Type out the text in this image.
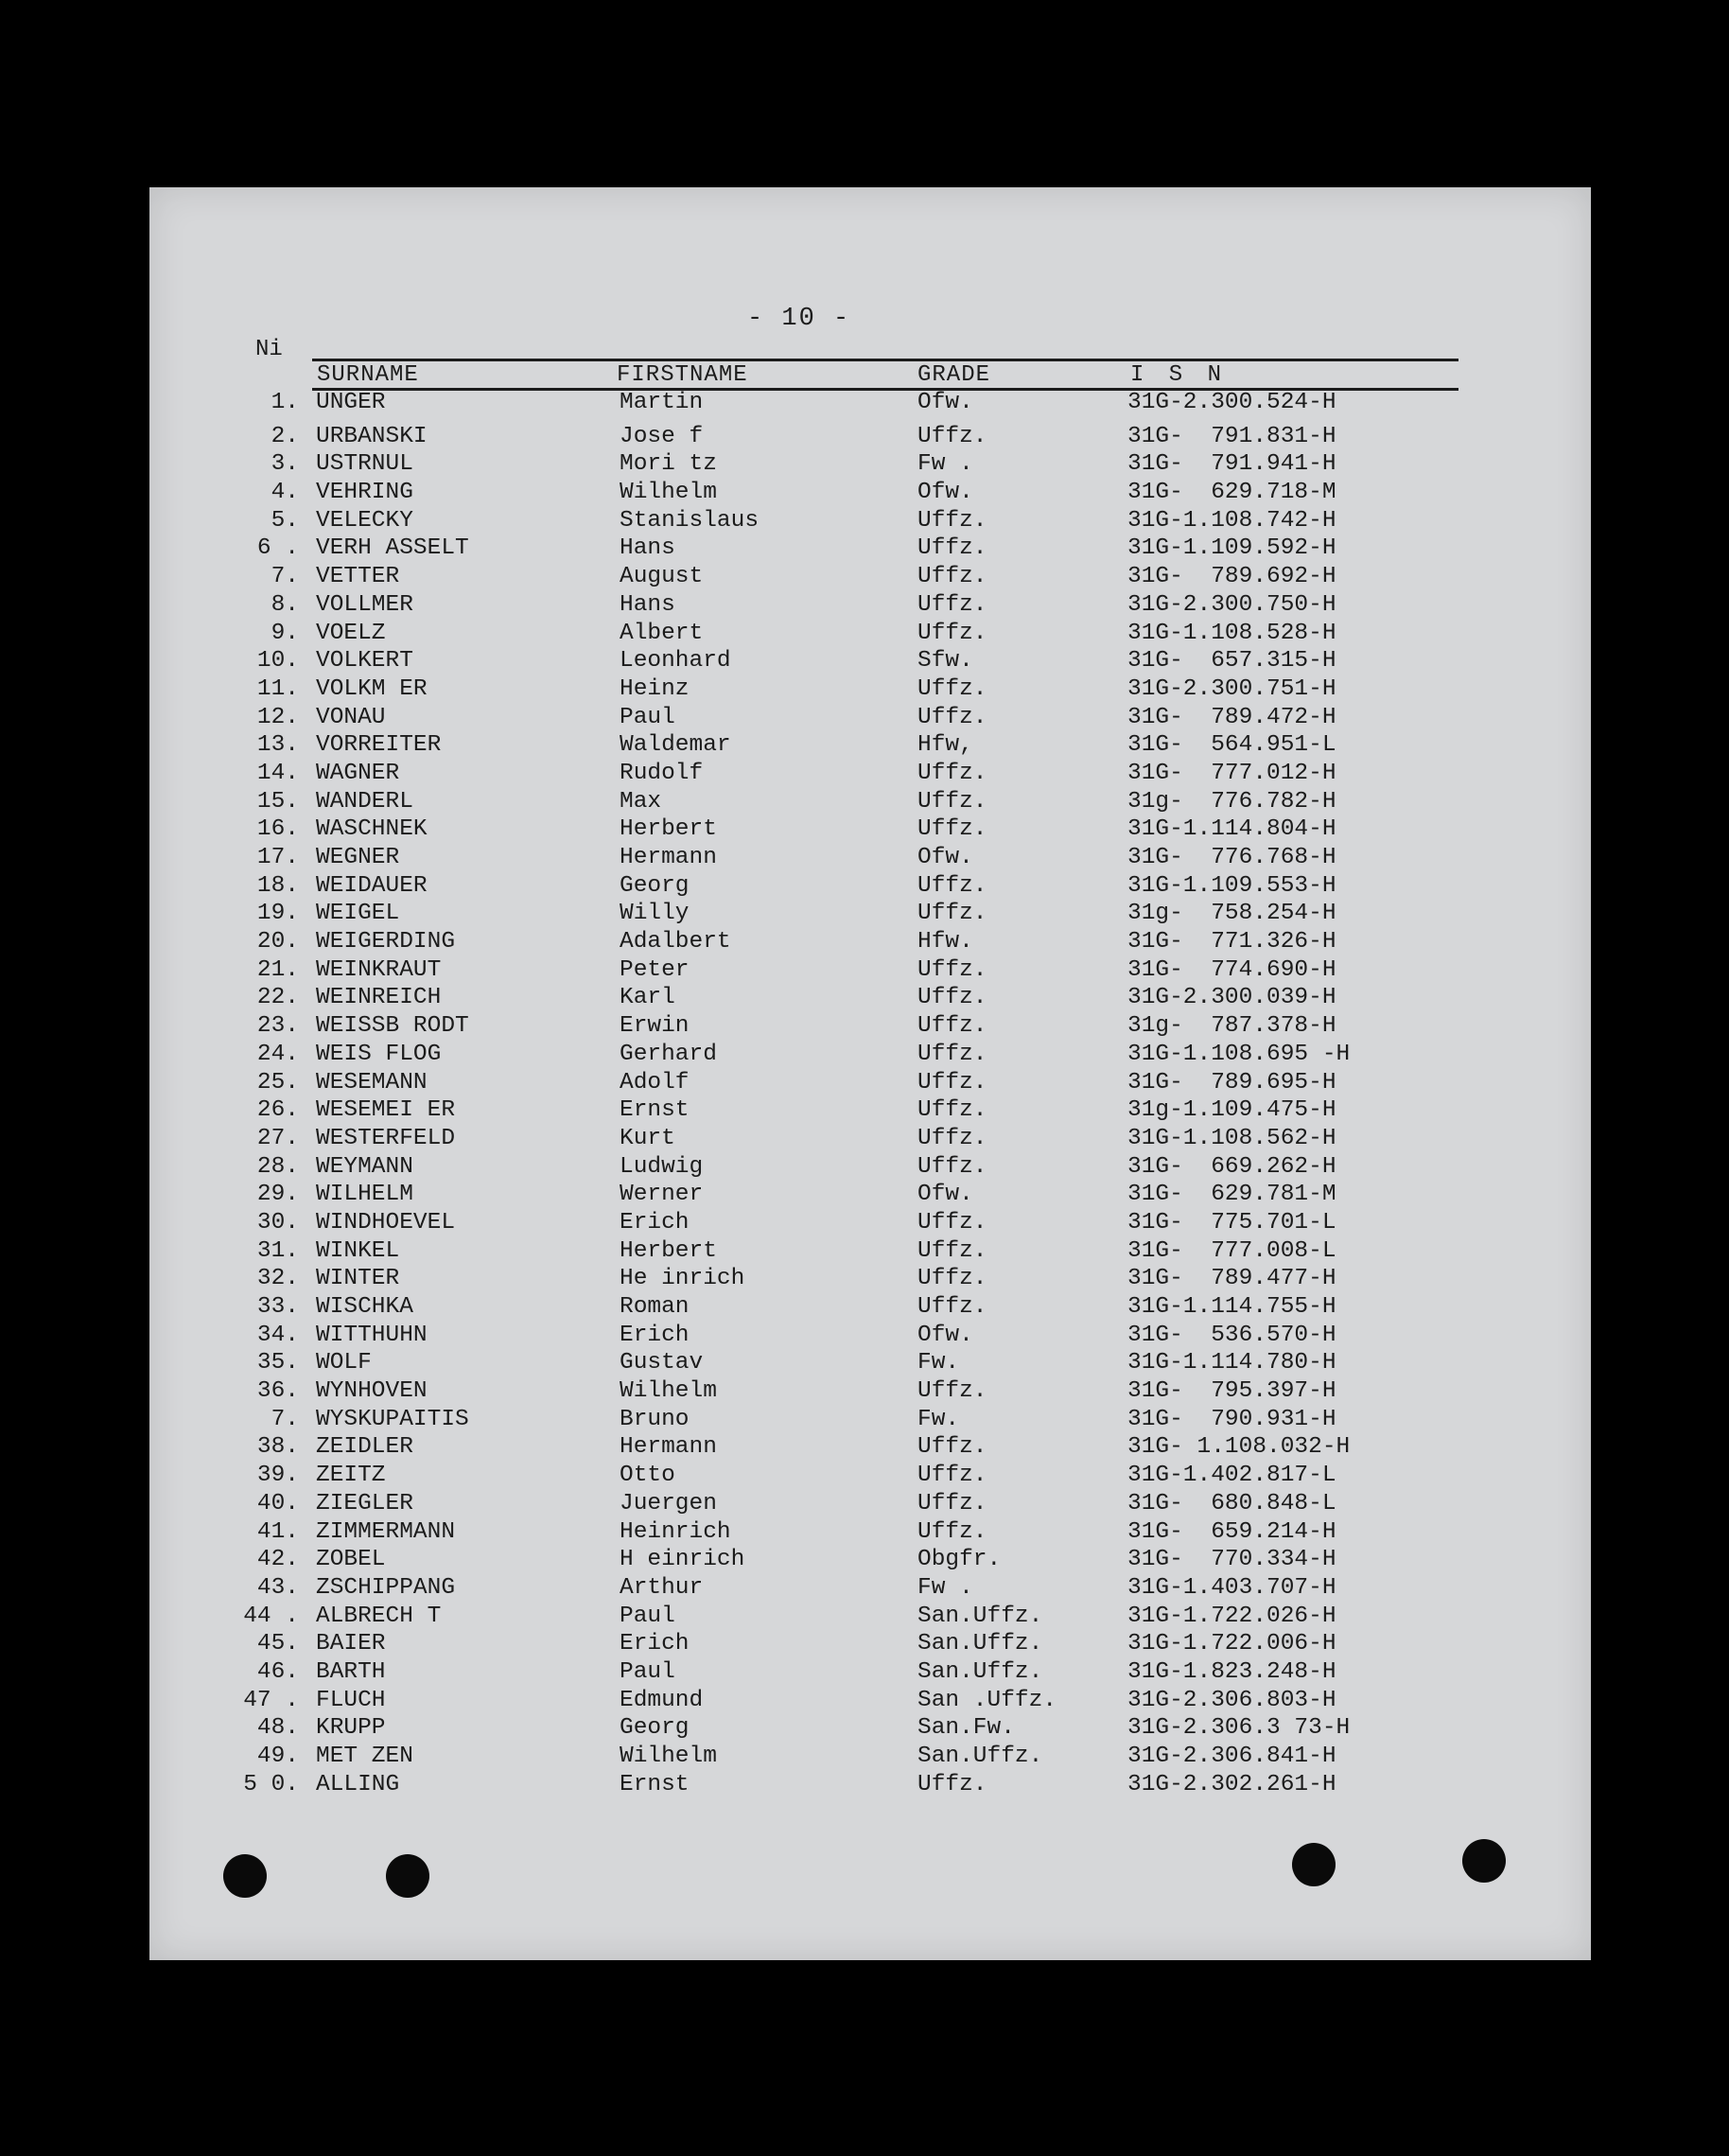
- 10 -
Ni
SURNAME	FIRSTNAME	GRADE	I S N
1. UNGER	Martin	Ofw.	31G-2.300.524-H
2. URBANSKI	Jose f	Uffz.	31G-  791.831-H
3. USTRNUL	Mori tz	Fw .	31G-  791.941-H
4. VEHRING	Wilhelm	Ofw.	31G-  629.718-M
5. VELECKY	Stanislaus	Uffz.	31G-1.108.742-H
6 . VERH ASSELT	Hans	Uffz.	31G-1.109.592-H
7. VETTER	August	Uffz.	31G-  789.692-H
8. VOLLMER	Hans	Uffz.	31G-2.300.750-H
9. VOELZ	Albert	Uffz.	31G-1.108.528-H
10. VOLKERT	Leonhard	Sfw.	31G-  657.315-H
11. VOLKM ER	Heinz	Uffz.	31G-2.300.751-H
12. VONAU	Paul	Uffz.	31G-  789.472-H
13. VORREITER	Waldemar	Hfw,	31G-  564.951-L
14. WAGNER	Rudolf	Uffz.	31G-  777.012-H
15. WANDERL	Max	Uffz.	31g-  776.782-H
16. WASCHNEK	Herbert	Uffz.	31G-1.114.804-H
17. WEGNER	Hermann	Ofw.	31G-  776.768-H
18. WEIDAUER	Georg	Uffz.	31G-1.109.553-H
19. WEIGEL	Willy	Uffz.	31g-  758.254-H
20. WEIGERDING	Adalbert	Hfw.	31G-  771.326-H
21. WEINKRAUT	Peter	Uffz.	31G-  774.690-H
22. WEINREICH	Karl	Uffz.	31G-2.300.039-H
23. WEISSB RODT	Erwin	Uffz.	31g-  787.378-H
24. WEIS FLOG	Gerhard	Uffz.	31G-1.108.695 -H
25. WESEMANN	Adolf	Uffz.	31G-  789.695-H
26. WESEMEI ER	Ernst	Uffz.	31g-1.109.475-H
27. WESTERFELD	Kurt	Uffz.	31G-1.108.562-H
28. WEYMANN	Ludwig	Uffz.	31G-  669.262-H
29. WILHELM	Werner	Ofw.	31G-  629.781-M
30. WINDHOEVEL	Erich	Uffz.	31G-  775.701-L
31. WINKEL	Herbert	Uffz.	31G-  777.008-L
32. WINTER	He inrich	Uffz.	31G-  789.477-H
33. WISCHKA	Roman	Uffz.	31G-1.114.755-H
34. WITTHUHN	Erich	Ofw.	31G-  536.570-H
35. WOLF	Gustav	Fw.	31G-1.114.780-H
36. WYNHOVEN	Wilhelm	Uffz.	31G-  795.397-H
7. WYSKUPAITIS	Bruno	Fw.	31G-  790.931-H
38. ZEIDLER	Hermann	Uffz.	31G- 1.108.032-H
39. ZEITZ	Otto	Uffz.	31G-1.402.817-L
40. ZIEGLER	Juergen	Uffz.	31G-  680.848-L
41. ZIMMERMANN	Heinrich	Uffz.	31G-  659.214-H
42. ZOBEL	H einrich	Obgfr.	31G-  770.334-H
43. ZSCHIPPANG	Arthur	Fw .	31G-1.403.707-H
44 . ALBRECH T	Paul	San.Uffz.	31G-1.722.026-H
45. BAIER	Erich	San.Uffz.	31G-1.722.006-H
46. BARTH	Paul	San.Uffz.	31G-1.823.248-H
47 . FLUCH	Edmund	San .Uffz.	31G-2.306.803-H
48. KRUPP	Georg	San.Fw.	31G-2.306.3 73-H
49. MET ZEN	Wilhelm	San.Uffz.	31G-2.306.841-H
5 0. ALLING	Ernst	Uffz.	31G-2.302.261-H
